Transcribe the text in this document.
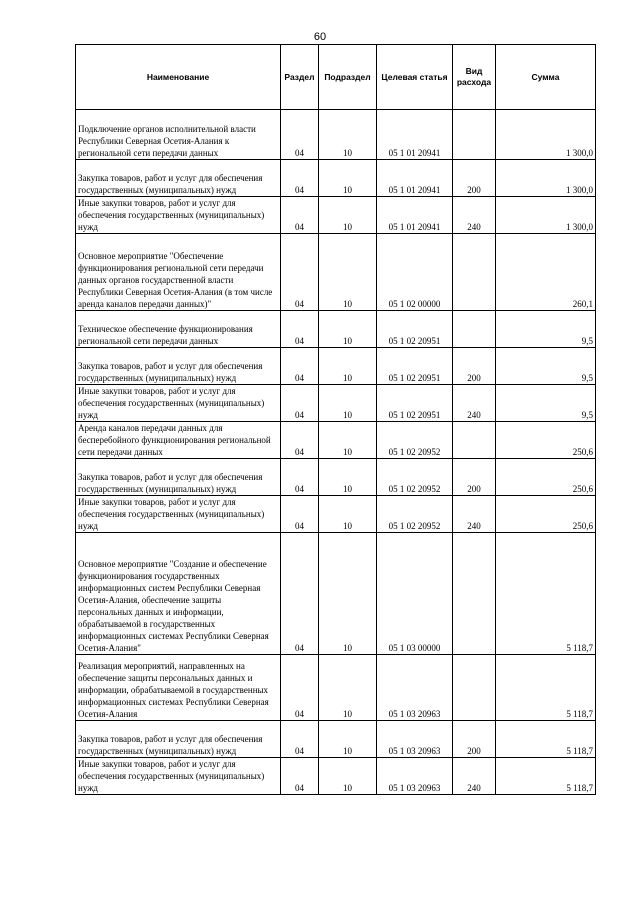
60
Наименование	Раздел	Подраздел	Целевая статья	Вид расхода	Сумма
Подключение органов исполнительной власти Республики Северная Осетия-Алания к региональной сети передачи данных	04	10	05 1 01 20941		1 300,0
Закупка товаров, работ и услуг для обеспечения государственных (муниципальных) нужд	04	10	05 1 01 20941	200	1 300,0
Иные закупки товаров, работ и услуг для обеспечения государственных (муниципальных) нужд	04	10	05 1 01 20941	240	1 300,0
Основное мероприятие "Обеспечение функционирования региональной сети передачи данных органов государственной власти Республики Северная Осетия-Алания (в том числе аренда каналов передачи данных)"	04	10	05 1 02 00000		260,1
Техническое обеспечение функционирования региональной сети передачи данных	04	10	05 1 02 20951		9,5
Закупка товаров, работ и услуг для обеспечения государственных (муниципальных) нужд	04	10	05 1 02 20951	200	9,5
Иные закупки товаров, работ и услуг для обеспечения государственных (муниципальных) нужд	04	10	05 1 02 20951	240	9,5
Аренда каналов передачи данных для бесперебойного функционирования региональной сети передачи данных	04	10	05 1 02 20952		250,6
Закупка товаров, работ и услуг для обеспечения государственных (муниципальных) нужд	04	10	05 1 02 20952	200	250,6
Иные закупки товаров, работ и услуг для обеспечения государственных (муниципальных) нужд	04	10	05 1 02 20952	240	250,6
Основное мероприятие "Создание и обеспечение функционирования государственных информационных систем Республики Северная Осетия-Алания, обеспечение защиты персональных данных и информации, обрабатываемой в государственных информационных системах Республики Северная Осетия-Алания"	04	10	05 1 03 00000		5 118,7
Реализация мероприятий, направленных на обеспечение защиты персональных данных и информации, обрабатываемой в государственных информационных системах Республики Северная Осетия-Алания	04	10	05 1 03 20963		5 118,7
Закупка товаров, работ и услуг для обеспечения государственных (муниципальных) нужд	04	10	05 1 03 20963	200	5 118,7
Иные закупки товаров, работ и услуг для обеспечения государственных (муниципальных) нужд	04	10	05 1 03 20963	240	5 118,7
